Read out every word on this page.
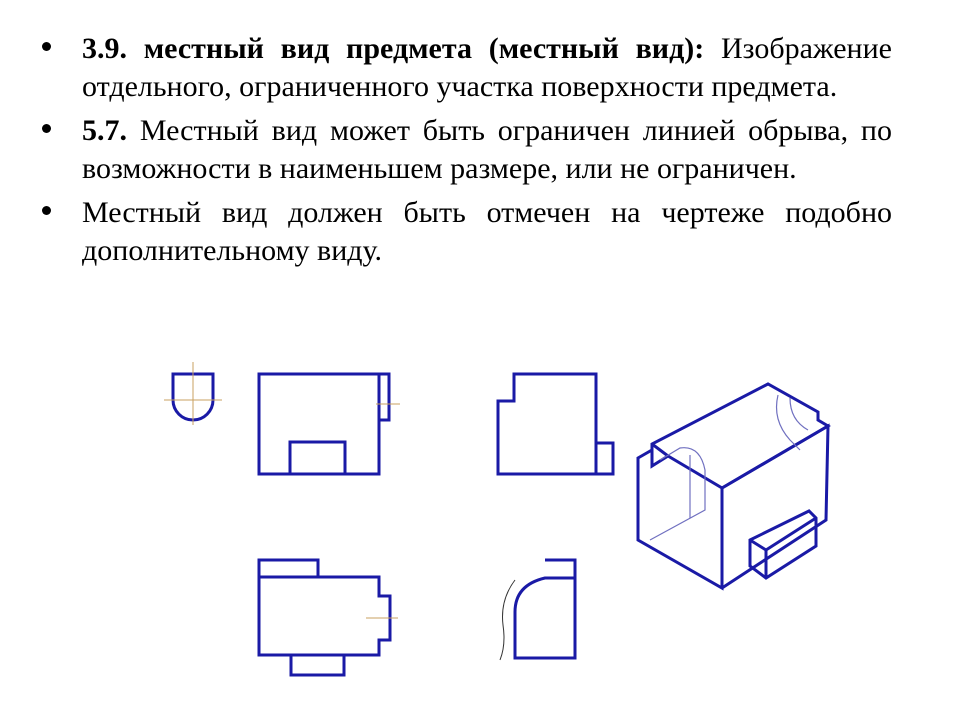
3.9. местный вид предмета (местный вид): Изображение отдельного, ограниченного участка поверхности предмета.
5.7. Местный вид может быть ограничен линией обрыва, по возможности в наименьшем размере, или не ограничен.
Местный вид должен быть отмечен на чертеже подобно дополнительному виду.
